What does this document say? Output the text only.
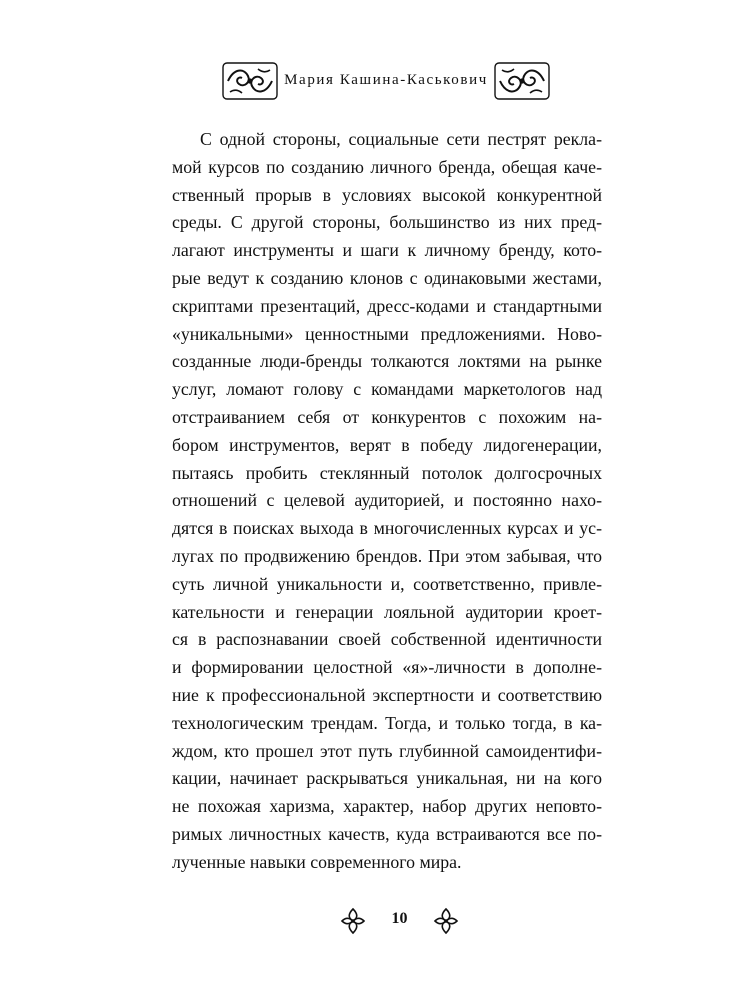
Мария Кашина-Каськович
С одной стороны, социальные сети пестрят рекла-
мой курсов по созданию личного бренда, обещая каче-
ственный прорыв в условиях высокой конкурентной
среды. С другой стороны, большинство из них пред-
лагают инструменты и шаги к личному бренду, кото-
рые ведут к созданию клонов с одинаковыми жестами,
скриптами презентаций, дресс-кодами и стандартными
«уникальными» ценностными предложениями. Ново-
созданные люди-бренды толкаются локтями на рынке
услуг, ломают голову с командами маркетологов над
отстраиванием себя от конкурентов с похожим на-
бором инструментов, верят в победу лидогенерации,
пытаясь пробить стеклянный потолок долгосрочных
отношений с целевой аудиторией, и постоянно нахо-
дятся в поисках выхода в многочисленных курсах и ус-
лугах по продвижению брендов. При этом забывая, что
суть личной уникальности и, соответственно, привле-
кательности и генерации лояльной аудитории кроет-
ся в распознавании своей собственной идентичности
и формировании целостной «я»-личности в дополне-
ние к профессиональной экспертности и соответствию
технологическим трендам. Тогда, и только тогда, в ка-
ждом, кто прошел этот путь глубинной самоидентифи-
кации, начинает раскрываться уникальная, ни на кого
не похожая харизма, характер, набор других неповто-
римых личностных качеств, куда встраиваются все по-
лученные навыки современного мира.
10
